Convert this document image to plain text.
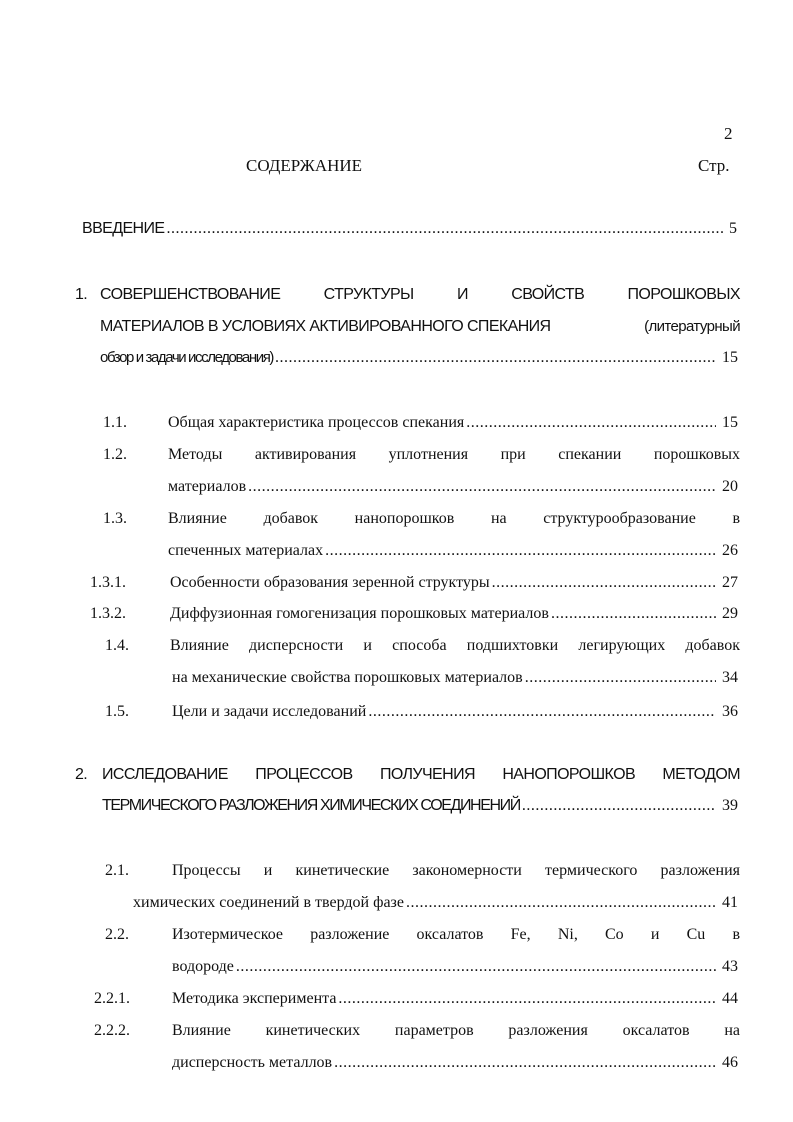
2
СОДЕРЖАНИЕ	Стр.
ВВЕДЕНИЕ .....	5
1. СОВЕРШЕНСТВОВАНИЕ СТРУКТУРЫ И СВОЙСТВ ПОРОШКОВЫХ
МАТЕРИАЛОВ В УСЛОВИЯХ АКТИВИРОВАННОГО СПЕКАНИЯ	(литературный
обзор и задачи исследования) .....	15
1.1.	Общая характеристика процессов спекания .....	15
1.2.	Методы активирования уплотнения при спекании порошковых
материалов .....	20
1.3.	Влияние добавок нанопорошков на структурообразование в
спеченных материалах .....	26
1.3.1.	Особенности образования зеренной структуры .....	27
1.3.2.	Диффузионная гомогенизация порошковых материалов .....	29
1.4.	Влияние дисперсности и способа подшихтовки легирующих добавок
на механические свойства порошковых материалов .....	34
1.5.	Цели и задачи исследований .....	36
2. ИССЛЕДОВАНИЕ ПРОЦЕССОВ ПОЛУЧЕНИЯ НАНОПОРОШКОВ МЕТОДОМ
ТЕРМИЧЕСКОГО РАЗЛОЖЕНИЯ ХИМИЧЕСКИХ СОЕДИНЕНИЙ .....	39
2.1.	Процессы и кинетические закономерности термического разложения
химических соединений в твердой фазе .....	41
2.2.	Изотермическое разложение оксалатов Fe, Ni, Co и Cu в
водороде .....	43
2.2.1.	Методика эксперимента .....	44
2.2.2.	Влияние кинетических параметров разложения оксалатов на
дисперсность металлов .....	46
